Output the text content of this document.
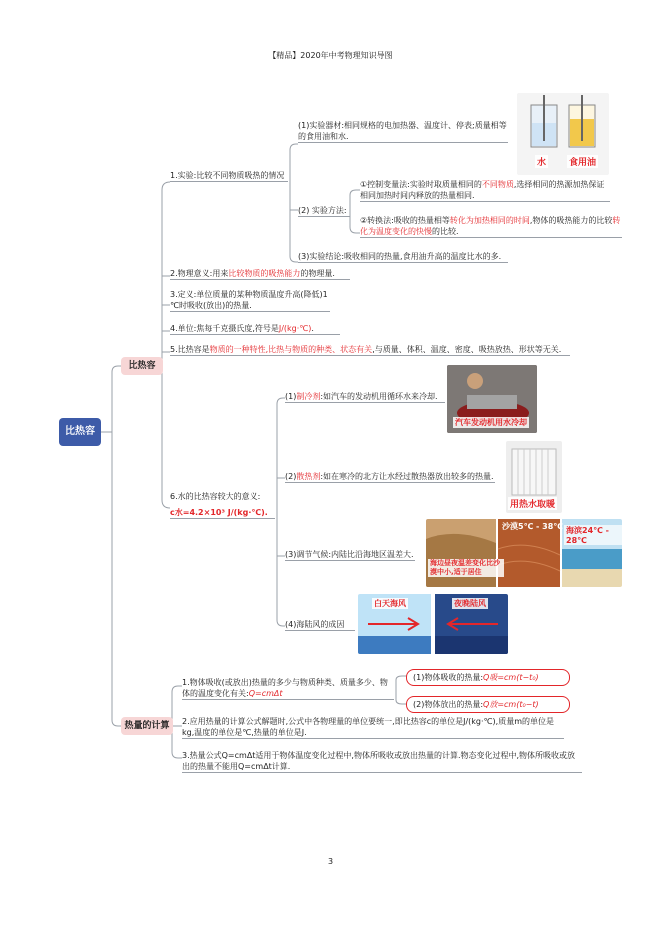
【精品】2020年中考物理知识导图
3
比热容
比热容
热量的计算
1.实验:比较不同物质吸热的情况
(1)实验器材:相同规格的电加热器、温度计、停表;质量相等的食用油和水.
(2) 实验方法:
①控制变量法:实验时取质量相同的不同物质,选择相同的热源加热保证相同加热时间内释放的热量相同.
②转换法:吸收的热量相等转化为加热相同的时间,物体的吸热能力的比较转化为温度变化的快慢的比较.
(3)实验结论:吸收相同的热量,食用油升高的温度比水的多.
水	食用油
2.物理意义:用来比较物质的吸热能力的物理量.
3.定义:单位质量的某种物质温度升高(降低)1 ℃时吸收(放出)的热量.
4.单位:焦每千克摄氏度,符号是J/(kg·℃).
5.比热容是物质的一种特性,比热与物质的种类、状态有关,与质量、体积、温度、密度、吸热放热、形状等无关.
6.水的比热容较大的意义:
c水=4.2×10³ J/(kg·℃).
(1)制冷剂:如汽车的发动机用循环水来冷却.
汽车发动机用水冷却
(2)散热剂:如在寒冷的北方让水经过散热器放出较多的热量.
用热水取暖
(3)调节气候:内陆比沿海地区温差大.
沙漠5℃ - 38℃ 海滨24℃ - 28℃
海边昼夜温差变化比沙漠中小,适于居住
(4)海陆风的成因
白天海风	夜晚陆风
1.物体吸收(或放出)热量的多少与物质种类、质量多少、物体的温度变化有关:Q=cmΔt
(1)物体吸收的热量:Q吸=cm(t−t₀)
(2)物体放出的热量:Q放=cm(t₀−t)
2.应用热量的计算公式解题时,公式中各物理量的单位要统一,即比热容c的单位是J/(kg·℃),质量m的单位是kg,温度的单位是℃,热量的单位是J.
3.热量公式Q=cmΔt适用于物体温度变化过程中,物体所吸收或放出热量的计算.物态变化过程中,物体所吸收或放出的热量不能用Q=cmΔt计算.
